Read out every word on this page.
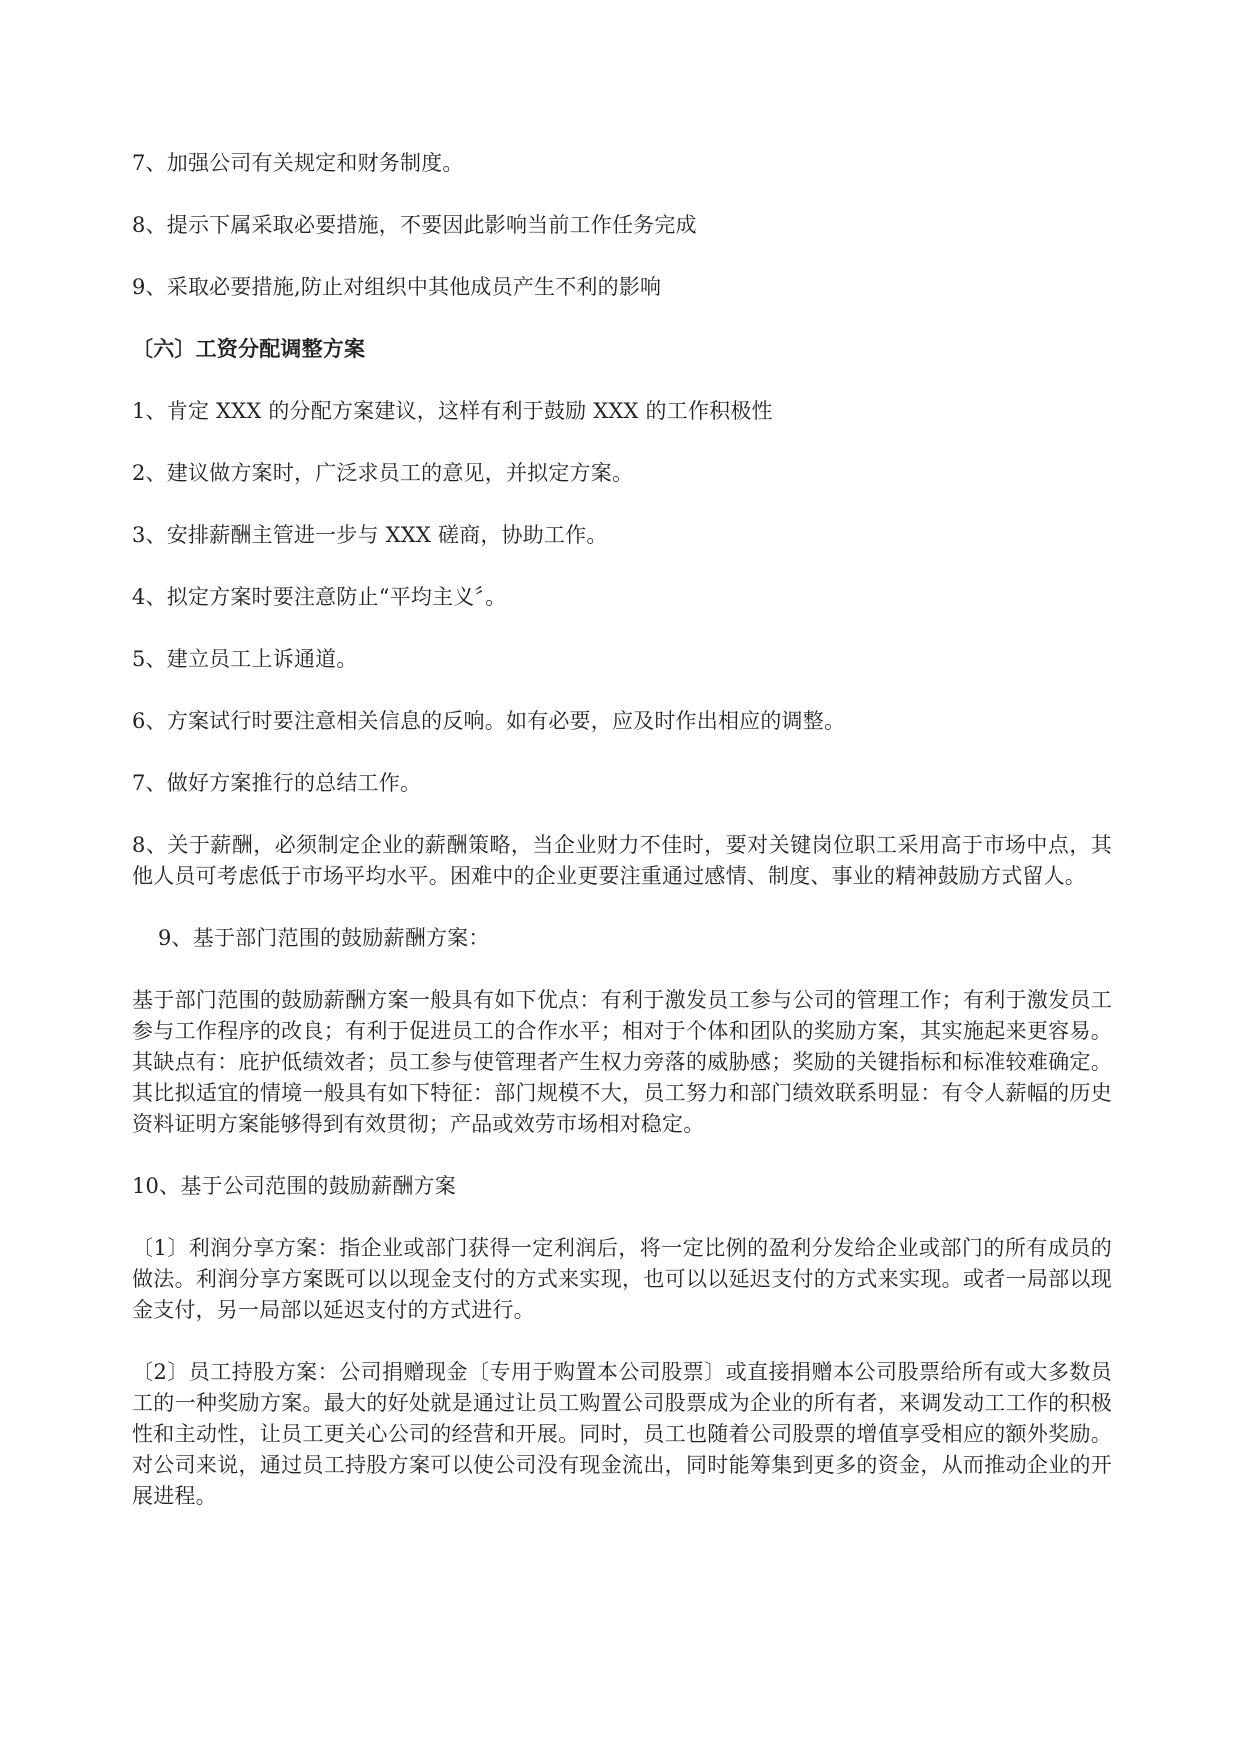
7、加强公司有关规定和财务制度。

8、提示下属采取必要措施，不要因此影响当前工作任务完成

9、采取必要措施,防止对组织中其他成员产生不利的影响

〔六〕工资分配调整方案

1、肯定 XXX 的分配方案建议，这样有利于鼓励 XXX 的工作积极性

2、建议做方案时，广泛求员工的意见，并拟定方案。

3、安排薪酬主管进一步与 XXX 磋商，协助工作。

4、拟定方案时要注意防止“平均主义〞。

5、建立员工上诉通道。

6、方案试行时要注意相关信息的反响。如有必要，应及时作出相应的调整。

7、做好方案推行的总结工作。

8、关于薪酬，必须制定企业的薪酬策略，当企业财力不佳时，要对关键岗位职工采用高于市场中点，其他人员可考虑低于市场平均水平。困难中的企业更要注重通过感情、制度、事业的精神鼓励方式留人。

9、基于部门范围的鼓励薪酬方案：

基于部门范围的鼓励薪酬方案一般具有如下优点：有利于激发员工参与公司的管理工作；有利于激发员工参与工作程序的改良；有利于促进员工的合作水平；相对于个体和团队的奖励方案，其实施起来更容易。其缺点有：庇护低绩效者；员工参与使管理者产生权力旁落的威胁感；奖励的关键指标和标准较难确定。其比拟适宜的情境一般具有如下特征：部门规模不大，员工努力和部门绩效联系明显：有令人薪幅的历史资料证明方案能够得到有效贯彻；产品或效劳市场相对稳定。

10、基于公司范围的鼓励薪酬方案

〔1〕利润分享方案：指企业或部门获得一定利润后，将一定比例的盈利分发给企业或部门的所有成员的做法。利润分享方案既可以以现金支付的方式来实现，也可以以延迟支付的方式来实现。或者一局部以现金支付，另一局部以延迟支付的方式进行。

〔2〕员工持股方案：公司捐赠现金〔专用于购置本公司股票〕或直接捐赠本公司股票给所有或大多数员工的一种奖励方案。最大的好处就是通过让员工购置公司股票成为企业的所有者，来调发动工工作的积极性和主动性，让员工更关心公司的经营和开展。同时，员工也随着公司股票的增值享受相应的额外奖励。对公司来说，通过员工持股方案可以使公司没有现金流出，同时能筹集到更多的资金，从而推动企业的开展进程。
